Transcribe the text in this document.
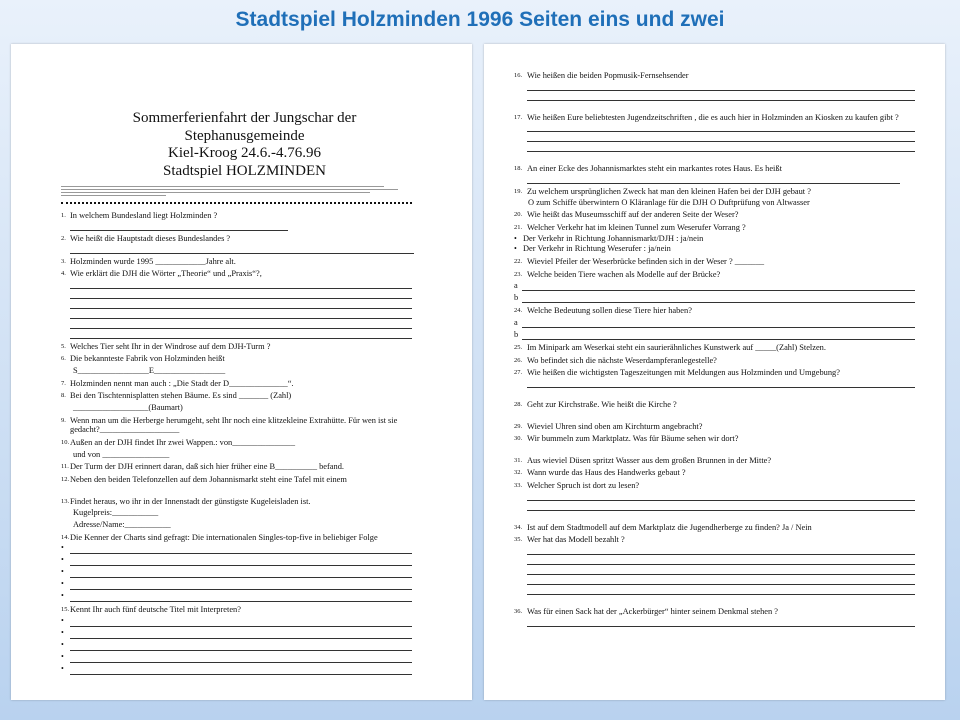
Stadtspiel Holzminden 1996 Seiten eins und zwei
Sommerferienfahrt der Jungschar der Stephanusgemeinde
Kiel-Kroog 24.6.-4.76.96
Stadtspiel HOLZMINDEN
1. In welchem Bundesland liegt Holzminden ?
2. Wie heißt die Hauptstadt dieses Bundeslandes ?
3. Holzminden wurde 1995 ____________Jahre alt.
4. Wie erklärt die DJH die Wörter „Theorie“ und „Praxis“?,
5. Welches Tier seht Ihr in der Windrose auf dem DJH-Turm ?
6. Die bekannteste Fabrik von Holzminden heißt
S_________________E_________________
7. Holzminden nennt man auch : „Die Stadt der D______________“.
8. Bei den Tischtennisplatten stehen Bäume. Es sind _______ (Zahl)
__________________(Baumart)
9. Wenn man um die Herberge herumgeht, seht Ihr noch eine klitzekleine Extrahütte. Für wen ist sie gedacht?___________________
10. Außen an der DJH findet Ihr zwei Wappen.: von_______________
und von ________________
11. Der Turm der DJH erinnert daran, daß sich hier früher eine B__________ befand.
12. Neben den beiden Telefonzellen auf dem Johannismarkt steht eine Tafel mit einem
13. Findet heraus, wo ihr in der Innenstadt der günstigste Kugeleisladen ist.
Kugelpreis:___________
Adresse/Name:___________
14. Die Kenner der Charts sind gefragt: Die internationalen Singles-top-five in beliebiger Folge
•
•
•
•
•
15. Kennt Ihr auch fünf deutsche Titel mit Interpreten?
•
•
•
•
•
16. Wie heißen die beiden Popmusik-Fernsehsender
17. Wie heißen Eure beliebtesten Jugendzeitschriften , die es auch hier in Holzminden an Kiosken zu kaufen gibt ?
18. An einer Ecke des Johannismarktes steht ein markantes rotes Haus. Es heißt
19. Zu welchem ursprünglichen Zweck hat man den kleinen Hafen bei der DJH gebaut ?
O zum Schiffe überwintern O Kläranlage für die DJH O Duftprüfung von Altwasser
20. Wie heißt das Museumsschiff auf der anderen Seite der Weser?
21. Welcher Verkehr hat im kleinen Tunnel zum Weserufer Vorrang ?
• Der Verkehr in Richtung Johannismarkt/DJH : ja/nein
• Der Verkehr in Richtung Weserufer : ja/nein
22. Wieviel Pfeiler der Weserbrücke befinden sich in der Weser ? _______
23. Welche beiden Tiere wachen als Modelle auf der Brücke?
a
b
24. Welche Bedeutung sollen diese Tiere hier haben?
a
b
25. Im Minipark am Weserkai steht ein saurierähnliches Kunstwerk auf _____(Zahl) Stelzen.
26. Wo befindet sich die nächste Weserdampferanlegestelle?
27. Wie heißen die wichtigsten Tageszeitungen mit Meldungen aus Holzminden und Umgebung?
28. Geht zur Kirchstraße. Wie heißt die Kirche ?
29. Wieviel Uhren sind oben am Kirchturm angebracht?
30. Wir bummeln zum Marktplatz. Was für Bäume sehen wir dort?
31. Aus wieviel Düsen spritzt Wasser aus dem großen Brunnen in der Mitte?
32. Wann wurde das Haus des Handwerks gebaut ?
33. Welcher Spruch ist dort zu lesen?
34. Ist auf dem Stadtmodell auf dem Marktplatz die Jugendherberge zu finden? Ja / Nein
35. Wer hat das Modell bezahlt ?
36. Was für einen Sack hat der „Ackerbürger“ hinter seinem Denkmal stehen ?
